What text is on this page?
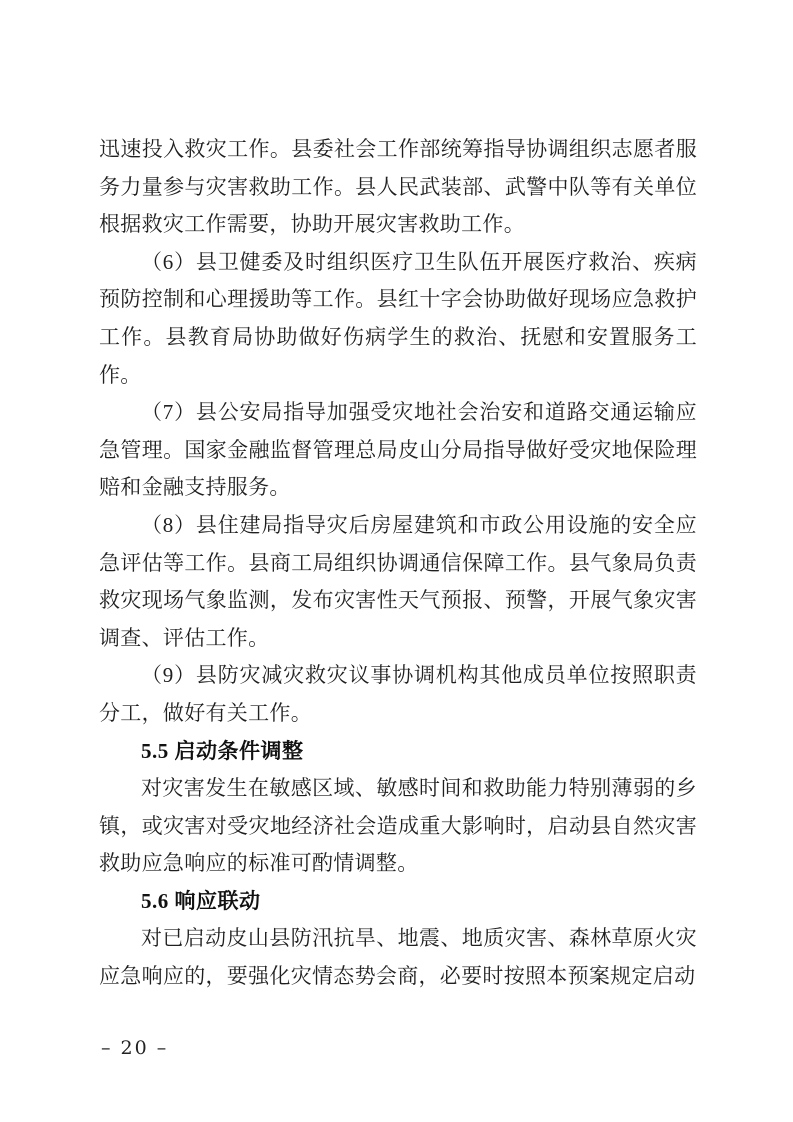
迅速投入救灾工作。县委社会工作部统筹指导协调组织志愿者服务力量参与灾害救助工作。县人民武装部、武警中队等有关单位根据救灾工作需要，协助开展灾害救助工作。

（6）县卫健委及时组织医疗卫生队伍开展医疗救治、疾病预防控制和心理援助等工作。县红十字会协助做好现场应急救护工作。县教育局协助做好伤病学生的救治、抚慰和安置服务工作。

（7）县公安局指导加强受灾地社会治安和道路交通运输应急管理。国家金融监督管理总局皮山分局指导做好受灾地保险理赔和金融支持服务。

（8）县住建局指导灾后房屋建筑和市政公用设施的安全应急评估等工作。县商工局组织协调通信保障工作。县气象局负责救灾现场气象监测，发布灾害性天气预报、预警，开展气象灾害调查、评估工作。

（9）县防灾减灾救灾议事协调机构其他成员单位按照职责分工，做好有关工作。

5.5 启动条件调整

对灾害发生在敏感区域、敏感时间和救助能力特别薄弱的乡镇，或灾害对受灾地经济社会造成重大影响时，启动县自然灾害救助应急响应的标准可酌情调整。

5.6 响应联动

对已启动皮山县防汛抗旱、地震、地质灾害、森林草原火灾应急响应的，要强化灾情态势会商，必要时按照本预案规定启动

– 20 –
